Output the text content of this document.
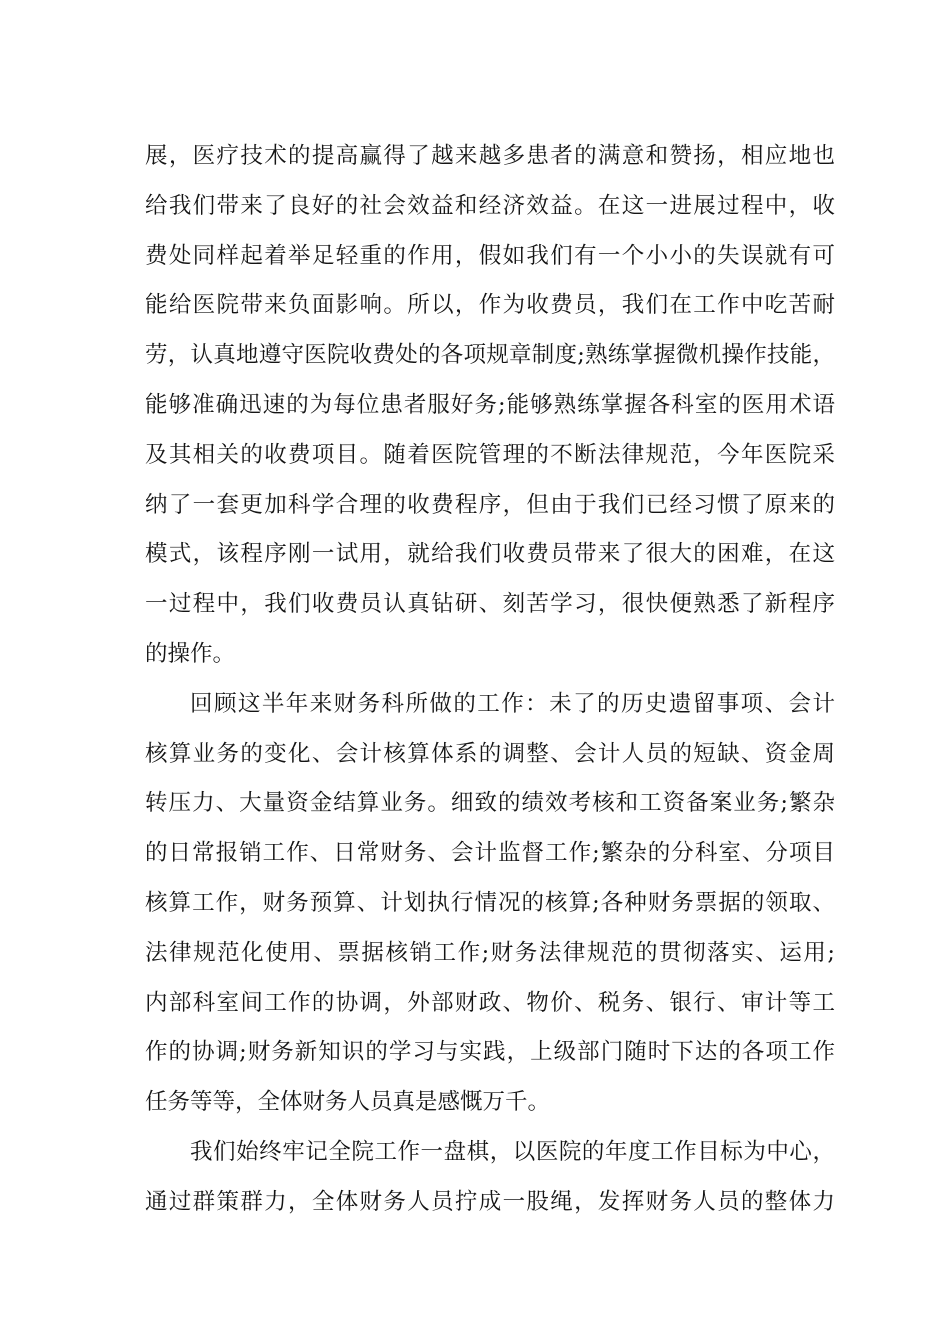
展，医疗技术的提高赢得了越来越多患者的满意和赞扬，相应地也
给我们带来了良好的社会效益和经济效益。在这一进展过程中，收
费处同样起着举足轻重的作用，假如我们有一个小小的失误就有可
能给医院带来负面影响。所以，作为收费员，我们在工作中吃苦耐
劳，认真地遵守医院收费处的各项规章制度;熟练掌握微机操作技能，
能够准确迅速的为每位患者服好务;能够熟练掌握各科室的医用术语
及其相关的收费项目。随着医院管理的不断法律规范，今年医院采
纳了一套更加科学合理的收费程序，但由于我们已经习惯了原来的
模式，该程序刚一试用，就给我们收费员带来了很大的困难，在这
一过程中，我们收费员认真钻研、刻苦学习，很快便熟悉了新程序
的操作。
回顾这半年来财务科所做的工作：未了的历史遗留事项、会计
核算业务的变化、会计核算体系的调整、会计人员的短缺、资金周
转压力、大量资金结算业务。细致的绩效考核和工资备案业务;繁杂
的日常报销工作、日常财务、会计监督工作;繁杂的分科室、分项目
核算工作，财务预算、计划执行情况的核算;各种财务票据的领取、
法律规范化使用、票据核销工作;财务法律规范的贯彻落实、运用;
内部科室间工作的协调，外部财政、物价、税务、银行、审计等工
作的协调;财务新知识的学习与实践，上级部门随时下达的各项工作
任务等等，全体财务人员真是感慨万千。
我们始终牢记全院工作一盘棋，以医院的年度工作目标为中心，
通过群策群力，全体财务人员拧成一股绳，发挥财务人员的整体力
